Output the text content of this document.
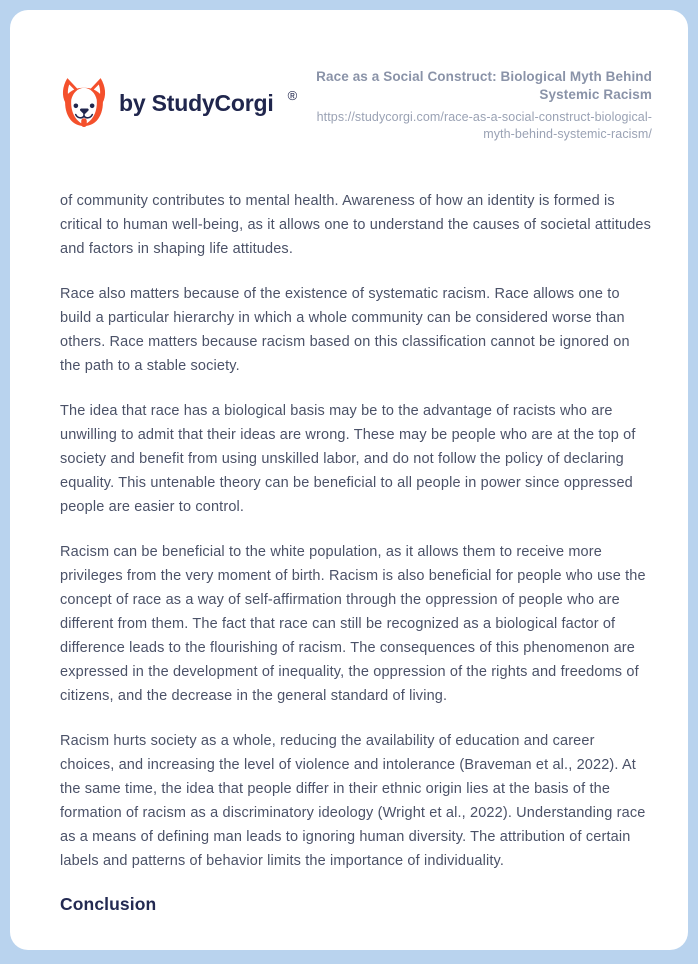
by StudyCorgi ®
Race as a Social Construct: Biological Myth Behind Systemic Racism
https://studycorgi.com/race-as-a-social-construct-biological-myth-behind-systemic-racism/

of community contributes to mental health. Awareness of how an identity is formed is critical to human well-being, as it allows one to understand the causes of societal attitudes and factors in shaping life attitudes.

Race also matters because of the existence of systematic racism. Race allows one to build a particular hierarchy in which a whole community can be considered worse than others. Race matters because racism based on this classification cannot be ignored on the path to a stable society.

The idea that race has a biological basis may be to the advantage of racists who are unwilling to admit that their ideas are wrong. These may be people who are at the top of society and benefit from using unskilled labor, and do not follow the policy of declaring equality. This untenable theory can be beneficial to all people in power since oppressed people are easier to control.

Racism can be beneficial to the white population, as it allows them to receive more privileges from the very moment of birth. Racism is also beneficial for people who use the concept of race as a way of self-affirmation through the oppression of people who are different from them. The fact that race can still be recognized as a biological factor of difference leads to the flourishing of racism. The consequences of this phenomenon are expressed in the development of inequality, the oppression of the rights and freedoms of citizens, and the decrease in the general standard of living.

Racism hurts society as a whole, reducing the availability of education and career choices, and increasing the level of violence and intolerance (Braveman et al., 2022). At the same time, the idea that people differ in their ethnic origin lies at the basis of the formation of racism as a discriminatory ideology (Wright et al., 2022). Understanding race as a means of defining man leads to ignoring human diversity. The attribution of certain labels and patterns of behavior limits the importance of individuality.

Conclusion
